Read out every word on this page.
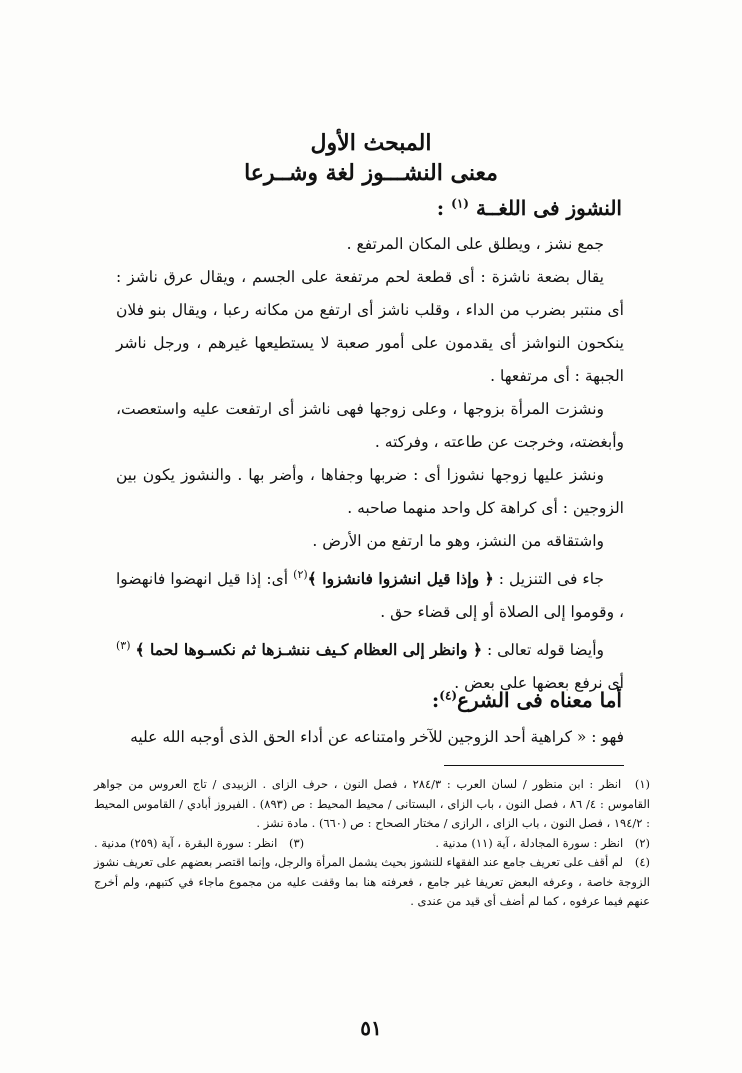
المبحث الأول
معنى النشـــوز لغة وشــرعا
النشوز فى اللغــة $^{(١)}$ :

جمع نشز ، ويطلق على المكان المرتفع .

يقال بضعة ناشزة : أى قطعة لحم مرتفعة على الجسم ، ويقال عرق ناشز : أى منتبر بضرب من الداء ، وقلب ناشز أى ارتفع من مكانه رعبا ، ويقال بنو فلان ينكحون النواشز أى يقدمون على أمور صعبة لا يستطيعها غيرهم ، ورجل ناشر الجبهة : أى مرتفعها .

ونشزت المرأة بزوجها ، وعلى زوجها فهى ناشز أى ارتفعت عليه واستعصت، وأبغضته، وخرجت عن طاعته ، وفركته .

ونشز عليها زوجها نشوزا أى : ضربها وجفاها ، وأضر بها . والنشوز يكون بين الزوجين : أى كراهة كل واحد منهما صاحبه .

واشتقاقه من النشز، وهو ما ارتفع من الأرض .

جاء فى التنزيل : ﴿ وإذا قيل انشزوا فانشزوا ﴾$^{(٢)}$ أى: إذا قيل انهضوا فانهضوا ، وقوموا إلى الصلاة أو إلى قضاء حق .

وأيضا قوله تعالى : ﴿ وانظر إلى العظام كـيف ننشـزها ثم نكسـوها لحما ﴾ $^{(٣)}$ أى نرفع بعضها على بعض .

أما معناه فى الشرع$^{(٤)}$:

فهو : « كراهية أحد الزوجين للآخر وامتناعه عن أداء الحق الذى أوجبه الله عليه

(١) انظر : ابن منظور / لسان العرب : ٢٨٤/٣ ، فصل النون ، حرف الزاى . الزبيدى / تاج العروس من جواهر القاموس : ٤/ ٨٦ ، فصل النون ، باب الزاى ، البستانى / محيط المحيط : ص (٨٩٣) . الفيروز أبادي / القاموس المحيط : ١٩٤/٢ ، فصل النون ، باب الزاى ، الرازى / مختار الصحاح : ص (٦٦٠) . مادة نشز .

(٢) انظر : سورة المجادلة ، آية (١١) مدنية .
(٣) انظر : سورة البقرة ، آية (٢٥٩) مدنية .

(٤) لم أقف على تعريف جامع عند الفقهاء للنشوز بحيث يشمل المرأة والرجل، وإنما اقتصر بعضهم على تعريف نشوز الزوجة خاصة ، وعرفه البعض تعريفا غير جامع ، فعرفته هنا بما وقفت عليه من مجموع ماجاء في كتبهم، ولم أخرج عنهم فيما عرفوه ، كما لم أضف أى قيد من عندى .

٥١
